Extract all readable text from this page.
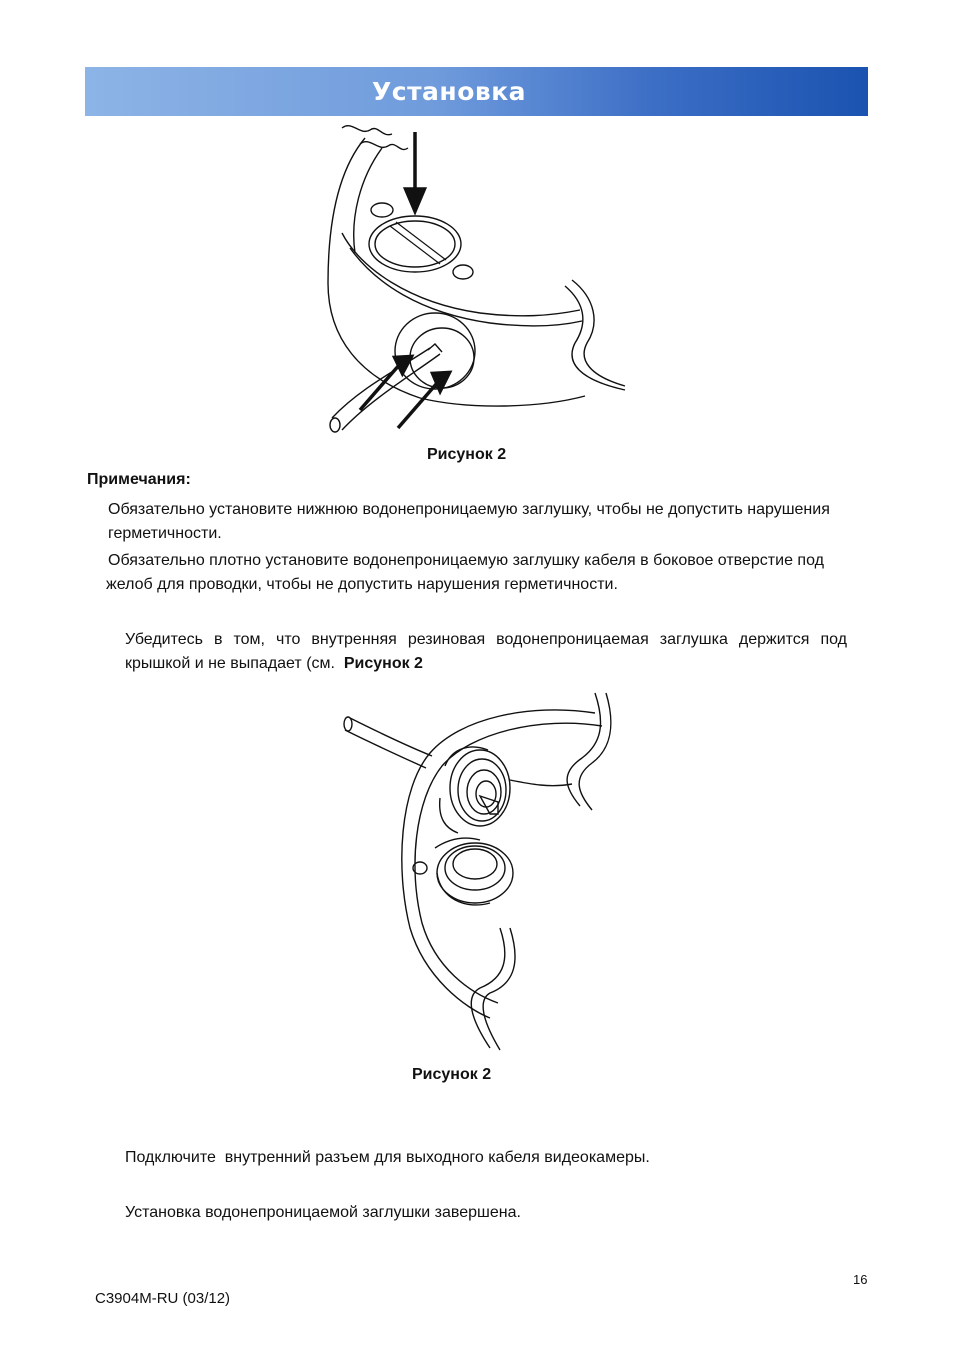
Установка
Рисунок 2
Примечания:
Обязательно установите нижнюю водонепроницаемую заглушку, чтобы не допустить нарушения герметичности.
Обязательно плотно установите водонепроницаемую заглушку кабеля в боковое отверстие под желоб для проводки, чтобы не допустить нарушения герметичности.
Убедитесь в том, что внутренняя резиновая водонепроницаемая заглушка держится под крышкой и не выпадает (см. Рисунок 2
Рисунок 2
Подключите  внутренний разъем для выходного кабеля видеокамеры.
Установка водонепроницаемой заглушки завершена.
16
C3904M-RU (03/12)
